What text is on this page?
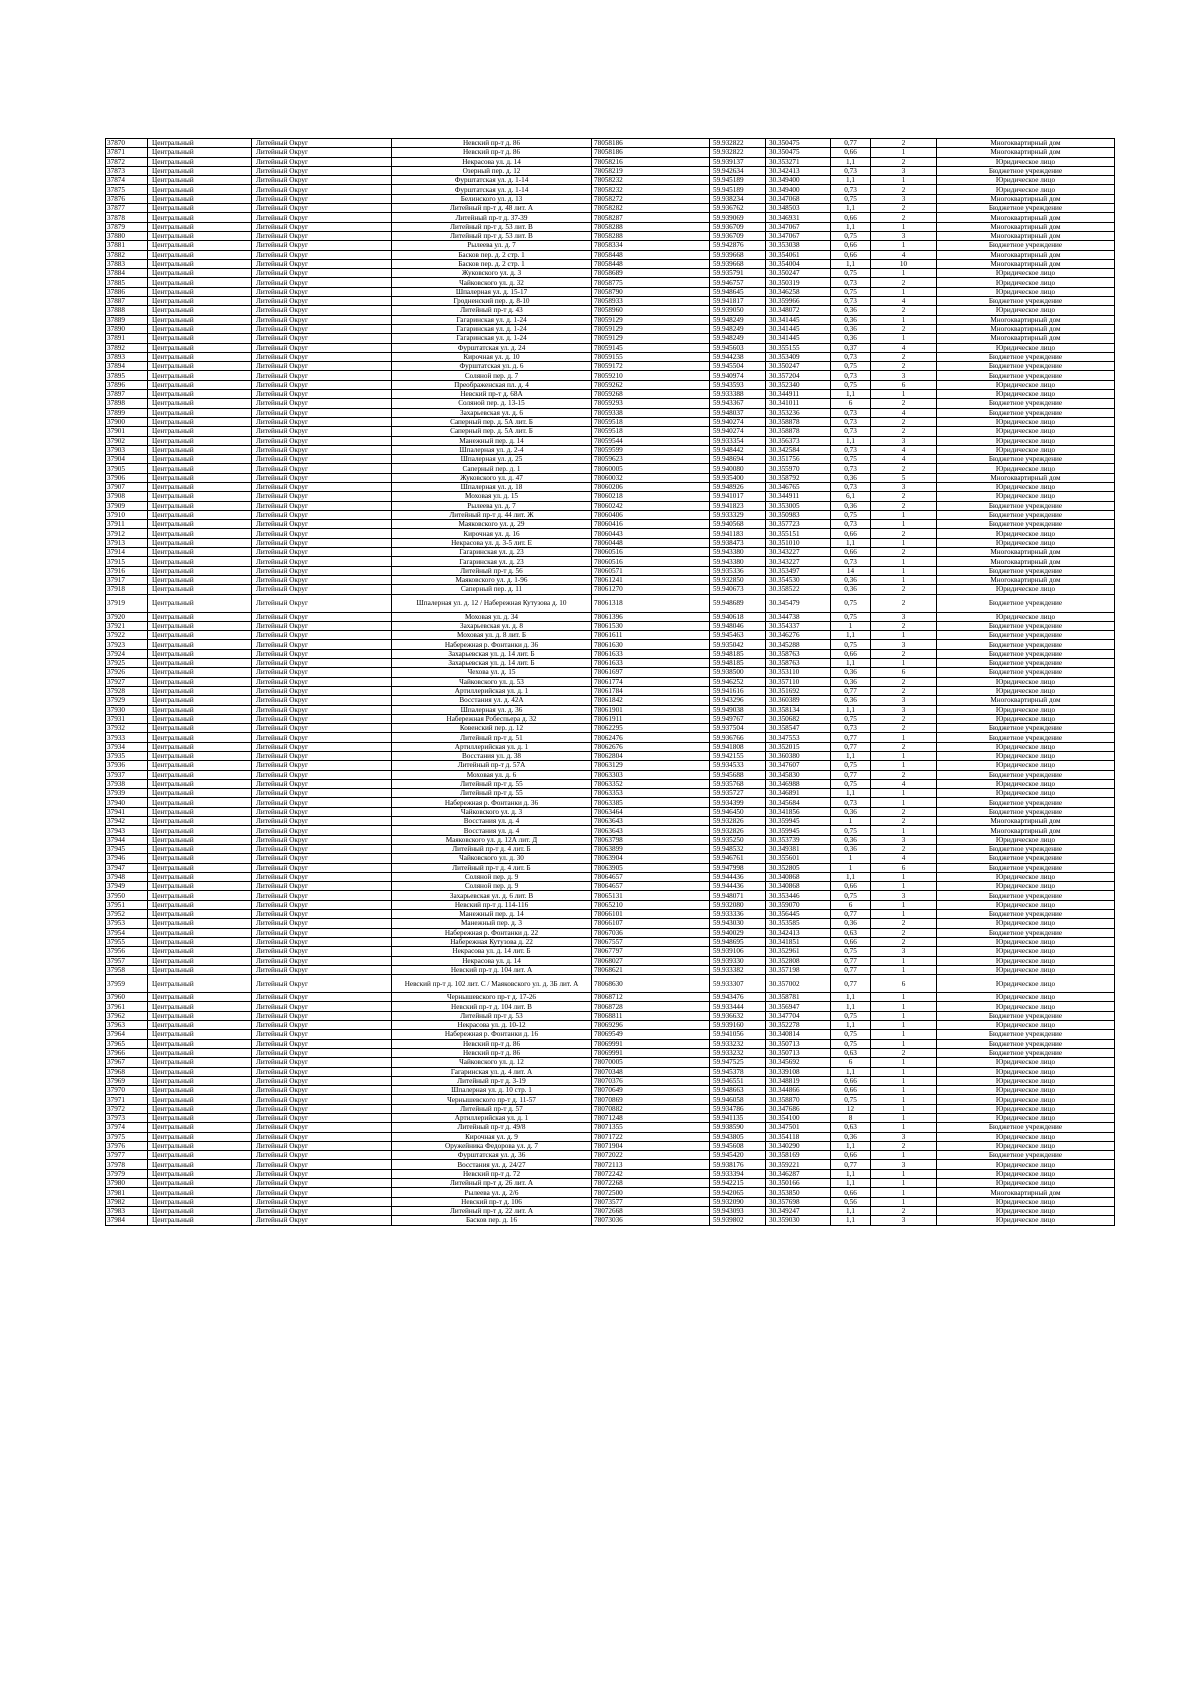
37870	Центральный	Литейный Округ	Невский пр-т д. 86	78058186	59.932822	30.350475	0,77	2	Многоквартирный дом
37871	Центральный	Литейный Округ	Невский пр-т д. 86	78058186	59.932822	30.350475	0,66	1	Многоквартирный дом
37872	Центральный	Литейный Округ	Некрасова ул. д. 14	78058216	59.939137	30.353271	1,1	2	Юридическое лицо
37873	Центральный	Литейный Округ	Озерный пер. д. 12	78058219	59.942634	30.342413	0,73	3	Бюджетное учреждение
37874	Центральный	Литейный Округ	Фурштатская ул. д. 1-14	78058232	59.945189	30.349400	1,1	1	Юридическое лицо
37875	Центральный	Литейный Округ	Фурштатская ул. д. 1-14	78058232	59.945189	30.349400	0,73	2	Юридическое лицо
37876	Центральный	Литейный Округ	Белинского ул. д. 13	78058272	59.938234	30.347068	0,75	3	Многоквартирный дом
37877	Центральный	Литейный Округ	Литейный пр-т д. 48 лит. А	78058282	59.936762	30.348503	1,1	2	Бюджетное учреждение
37878	Центральный	Литейный Округ	Литейный пр-т д. 37-39	78058287	59.939069	30.346931	0,66	2	Многоквартирный дом
37879	Центральный	Литейный Округ	Литейный пр-т д. 53 лит. В	78058288	59.936709	30.347067	1,1	1	Многоквартирный дом
37880	Центральный	Литейный Округ	Литейный пр-т д. 53 лит. В	78058288	59.936709	30.347067	0,75	3	Многоквартирный дом
37881	Центральный	Литейный Округ	Рылеева ул. д. 7	78058334	59.942876	30.353038	0,66	1	Бюджетное учреждение
37882	Центральный	Литейный Округ	Басков пер. д. 2 стр. 1	78058448	59.939668	30.354061	0,66	4	Многоквартирный дом
37883	Центральный	Литейный Округ	Басков пер. д. 2 стр. 1	78058448	59.939668	30.354004	1,1	10	Многоквартирный дом
37884	Центральный	Литейный Округ	Жуковского ул. д. 3	78058689	59.935791	30.350247	0,75	1	Юридическое лицо
37885	Центральный	Литейный Округ	Чайковского ул. д. 32	78058775	59.946757	30.350319	0,73	2	Юридическое лицо
37886	Центральный	Литейный Округ	Шпалерная ул. д. 15-17	78058790	59.948645	30.346258	0,75	1	Юридическое лицо
37887	Центральный	Литейный Округ	Гродненский пер. д. 8-10	78058933	59.941817	30.359966	0,73	4	Бюджетное учреждение
37888	Центральный	Литейный Округ	Литейный пр-т д. 43	78058960	59.939050	30.348072	0,36	2	Юридическое лицо
37889	Центральный	Литейный Округ	Гагаринская ул. д. 1-24	78059129	59.948249	30.341445	0,36	1	Многоквартирный дом
37890	Центральный	Литейный Округ	Гагаринская ул. д. 1-24	78059129	59.948249	30.341445	0,36	2	Многоквартирный дом
37891	Центральный	Литейный Округ	Гагаринская ул. д. 1-24	78059129	59.948249	30.341445	0,36	1	Многоквартирный дом
37892	Центральный	Литейный Округ	Фурштатская ул. д. 24	78059145	59.945603	30.355155	0,37	4	Юридическое лицо
37893	Центральный	Литейный Округ	Кирочная ул. д. 10	78059155	59.944238	30.353409	0,73	2	Бюджетное учреждение
37894	Центральный	Литейный Округ	Фурштатская ул. д. 6	78059172	59.945504	30.350247	0,75	2	Бюджетное учреждение
37895	Центральный	Литейный Округ	Соляной пер. д. 7	78059210	59.940974	30.357204	0,73	3	Бюджетное учреждение
37896	Центральный	Литейный Округ	Преображенская пл. д. 4	78059262	59.943593	30.352340	0,75	6	Юридическое лицо
37897	Центральный	Литейный Округ	Невский пр-т д. 68А	78059268	59.933388	30.344911	1,1	1	Юридическое лицо
37898	Центральный	Литейный Округ	Соляной пер. д. 13-15	78059293	59.943367	30.341011	6	2	Бюджетное учреждение
37899	Центральный	Литейный Округ	Захарьевская ул. д. 6	78059338	59.948037	30.353236	0,73	4	Бюджетное учреждение
37900	Центральный	Литейный Округ	Саперный пер. д. 5А лит. Б	78059518	59.940274	30.358878	0,73	2	Юридическое лицо
37901	Центральный	Литейный Округ	Саперный пер. д. 5А лит. Б	78059518	59.940274	30.358878	0,73	2	Юридическое лицо
37902	Центральный	Литейный Округ	Манежный пер. д. 14	78059544	59.933354	30.356373	1,1	3	Юридическое лицо
37903	Центральный	Литейный Округ	Шпалерная ул. д. 2-4	78059599	59.948442	30.342584	0,73	4	Юридическое лицо
37904	Центральный	Литейный Округ	Шпалерная ул. д. 25	78059623	59.948694	30.351756	0,75	4	Бюджетное учреждение
37905	Центральный	Литейный Округ	Саперный пер. д. 1	78060005	59.940080	30.355970	0,73	2	Юридическое лицо
37906	Центральный	Литейный Округ	Жуковского ул. д. 47	78060032	59.935400	30.358792	0,36	5	Многоквартирный дом
37907	Центральный	Литейный Округ	Шпалерная ул. д. 18	78060206	59.948926	30.346765	0,73	3	Юридическое лицо
37908	Центральный	Литейный Округ	Моховая ул. д. 15	78060218	59.941017	30.344911	6,1	2	Юридическое лицо
37909	Центральный	Литейный Округ	Рылеева ул. д. 7	78060242	59.941823	30.353005	0,36	2	Бюджетное учреждение
37910	Центральный	Литейный Округ	Литейный пр-т д. 44 лит. Ж	78060406	59.933329	30.350983	0,75	1	Бюджетное учреждение
37911	Центральный	Литейный Округ	Маяковского ул. д. 29	78060416	59.940568	30.357723	0,73	1	Бюджетное учреждение
37912	Центральный	Литейный Округ	Кирочная ул. д. 16	78060443	59.941183	30.355151	0,66	2	Юридическое лицо
37913	Центральный	Литейный Округ	Некрасова ул. д. 3-5 лит. Е	78060448	59.938473	30.351010	1,1	1	Юридическое лицо
37914	Центральный	Литейный Округ	Гагаринская ул. д. 23	78060516	59.943380	30.343227	0,66	2	Многоквартирный дом
37915	Центральный	Литейный Округ	Гагаринская ул. д. 23	78060516	59.943380	30.343227	0,73	1	Многоквартирный дом
37916	Центральный	Литейный Округ	Литейный пр-т д. 56	78060571	59.935336	30.353497	14	1	Бюджетное учреждение
37917	Центральный	Литейный Округ	Маяковского ул. д. 1-96	78061241	59.932850	30.354530	0,36	1	Многоквартирный дом
37918	Центральный	Литейный Округ	Саперный пер. д. 11	78061270	59.940673	30.358522	0,36	2	Юридическое лицо
37919	Центральный	Литейный Округ	Шпалерная ул. д. 12 / Набережная Кутузова д. 10	78061318	59.948689	30.345479	0,75	2	Бюджетное учреждение
37920	Центральный	Литейный Округ	Моховая ул. д. 34	78061396	59.940618	30.344738	0,75	3	Юридическое лицо
37921	Центральный	Литейный Округ	Захарьевская ул. д. 8	78061530	59.948046	30.354337	1	2	Бюджетное учреждение
37922	Центральный	Литейный Округ	Моховая ул. д. 8 лит. Б	78061611	59.945463	30.346276	1,1	1	Бюджетное учреждение
37923	Центральный	Литейный Округ	Набережная р. Фонтанки д. 36	78061630	59.935042	30.345288	0,75	3	Бюджетное учреждение
37924	Центральный	Литейный Округ	Захарьевская ул. д. 14 лит. Б	78061633	59.948185	30.358763	0,66	2	Бюджетное учреждение
37925	Центральный	Литейный Округ	Захарьевская ул. д. 14 лит. Б	78061633	59.948185	30.358763	1,1	1	Бюджетное учреждение
37926	Центральный	Литейный Округ	Чехова ул. д. 15	78061697	59.938500	30.353110	0,36	6	Бюджетное учреждение
37927	Центральный	Литейный Округ	Чайковского ул. д. 53	78061774	59.946252	30.357110	0,36	2	Юридическое лицо
37928	Центральный	Литейный Округ	Артиллерийская ул. д. 1	78061784	59.941616	30.351692	0,77	2	Юридическое лицо
37929	Центральный	Литейный Округ	Восстания ул. д. 42А	78061842	59.943296	30.360389	0,36	3	Многоквартирный дом
37930	Центральный	Литейный Округ	Шпалерная ул. д. 36	78061901	59.949038	30.358134	1,1	3	Юридическое лицо
37931	Центральный	Литейный Округ	Набережная Робеспьера д. 32	78061911	59.949767	30.350682	0,75	2	Юридическое лицо
37932	Центральный	Литейный Округ	Ковенский пер. д. 12	78062295	59.937504	30.358547	0,73	2	Бюджетное учреждение
37933	Центральный	Литейный Округ	Литейный пр-т д. 51	78062476	59.936766	30.347553	0,77	1	Бюджетное учреждение
37934	Центральный	Литейный Округ	Артиллерийская ул. д. 1	78062676	59.941808	30.352015	0,77	2	Юридическое лицо
37935	Центральный	Литейный Округ	Восстания ул. д. 38	78062804	59.942155	30.360380	1,1	1	Юридическое лицо
37936	Центральный	Литейный Округ	Литейный пр-т д. 57А	78063129	59.934533	30.347607	0,75	1	Юридическое лицо
37937	Центральный	Литейный Округ	Моховая ул. д. 6	78063303	59.945688	30.345830	0,77	2	Бюджетное учреждение
37938	Центральный	Литейный Округ	Литейный пр-т д. 55	78063352	59.935768	30.346988	0,75	4	Юридическое лицо
37939	Центральный	Литейный Округ	Литейный пр-т д. 55	78063353	59.935727	30.346891	1,1	1	Юридическое лицо
37940	Центральный	Литейный Округ	Набережная р. Фонтанки д. 36	78063385	59.934399	30.345684	0,73	1	Бюджетное учреждение
37941	Центральный	Литейный Округ	Чайковского ул. д. 3	78063464	59.946450	30.341856	0,36	2	Бюджетное учреждение
37942	Центральный	Литейный Округ	Восстания ул. д. 4	78063643	59.932826	30.359945	1	2	Многоквартирный дом
37943	Центральный	Литейный Округ	Восстания ул. д. 4	78063643	59.932826	30.359945	0,75	1	Многоквартирный дом
37944	Центральный	Литейный Округ	Маяковского ул. д. 12А лит. Д	78063798	59.935250	30.353739	0,36	3	Юридическое лицо
37945	Центральный	Литейный Округ	Литейный пр-т д. 4 лит. Б	78063899	59.948532	30.349381	0,36	2	Бюджетное учреждение
37946	Центральный	Литейный Округ	Чайковского ул. д. 30	78063904	59.946761	30.355601	1	4	Бюджетное учреждение
37947	Центральный	Литейный Округ	Литейный пр-т д. 4 лит. Б	78063905	59.947998	30.352805	1	6	Бюджетное учреждение
37948	Центральный	Литейный Округ	Соляной пер. д. 9	78064657	59.944436	30.340868	1,1	1	Юридическое лицо
37949	Центральный	Литейный Округ	Соляной пер. д. 9	78064657	59.944436	30.340868	0,66	1	Юридическое лицо
37950	Центральный	Литейный Округ	Захарьевская ул. д. 6 лит. В	78065131	59.948071	30.353446	0,75	3	Бюджетное учреждение
37951	Центральный	Литейный Округ	Невский пр-т д. 114-116	78065210	59.932080	30.359070	6	1	Юридическое лицо
37952	Центральный	Литейный Округ	Манежный пер. д. 14	78066101	59.933336	30.356445	0,77	1	Бюджетное учреждение
37953	Центральный	Литейный Округ	Манежный пер. д. 3	78066107	59.943030	30.353585	0,36	2	Юридическое лицо
37954	Центральный	Литейный Округ	Набережная р. Фонтанки д. 22	78067036	59.940029	30.342413	0,63	2	Бюджетное учреждение
37955	Центральный	Литейный Округ	Набережная Кутузова д. 22	78067557	59.948695	30.341851	0,66	2	Юридическое лицо
37956	Центральный	Литейный Округ	Некрасова ул. д. 14 лит. Б	78067797	59.939106	30.352961	0,75	3	Юридическое лицо
37957	Центральный	Литейный Округ	Некрасова ул. д. 14	78068027	59.939330	30.352808	0,77	1	Юридическое лицо
37958	Центральный	Литейный Округ	Невский пр-т д. 104 лит. А	78068621	59.933382	30.357198	0,77	1	Юридическое лицо
37959	Центральный	Литейный Округ	Невский пр-т д. 102 лит. С / Маяковского ул. д. 3Б лит. А	78068630	59.933307	30.357002	0,77	6	Юридическое лицо
37960	Центральный	Литейный Округ	Чернышевского пр-т д. 17-26	78068712	59.943476	30.358781	1,1	1	Юридическое лицо
37961	Центральный	Литейный Округ	Невский пр-т д. 104 лит. В	78068728	59.933444	30.356947	1,1	1	Юридическое лицо
37962	Центральный	Литейный Округ	Литейный пр-т д. 53	78068811	59.936632	30.347704	0,75	1	Бюджетное учреждение
37963	Центральный	Литейный Округ	Некрасова ул. д. 10-12	78069296	59.939160	30.352278	1,1	1	Юридическое лицо
37964	Центральный	Литейный Округ	Набережная р. Фонтанки д. 16	78069549	59.941056	30.340814	0,75	1	Бюджетное учреждение
37965	Центральный	Литейный Округ	Невский пр-т д. 86	78069991	59.933232	30.350713	0,75	1	Бюджетное учреждение
37966	Центральный	Литейный Округ	Невский пр-т д. 86	78069991	59.933232	30.350713	0,63	2	Бюджетное учреждение
37967	Центральный	Литейный Округ	Чайковского ул. д. 12	78070005	59.947525	30.345692	6	1	Юридическое лицо
37968	Центральный	Литейный Округ	Гагаринская ул. д. 4 лит. А	78070348	59.945378	30.339108	1,1	1	Юридическое лицо
37969	Центральный	Литейный Округ	Литейный пр-т д. 3-19	78070376	59.946551	30.348819	0,66	1	Юридическое лицо
37970	Центральный	Литейный Округ	Шпалерная ул. д. 10 стр. 1	78070649	59.948663	30.344866	0,66	1	Юридическое лицо
37971	Центральный	Литейный Округ	Чернышевского пр-т д. 11-57	78070869	59.946058	30.358870	0,75	1	Юридическое лицо
37972	Центральный	Литейный Округ	Литейный пр-т д. 57	78070882	59.934786	30.347686	12	1	Юридическое лицо
37973	Центральный	Литейный Округ	Артиллерийская ул. д. 1	78071248	59.941135	30.354100	8	1	Юридическое лицо
37974	Центральный	Литейный Округ	Литейный пр-т д. 49/8	78071355	59.938590	30.347501	0,63	1	Бюджетное учреждение
37975	Центральный	Литейный Округ	Кирочная ул. д. 9	78071722	59.943805	30.354118	0,36	3	Юридическое лицо
37976	Центральный	Литейный Округ	Оружейника Федорова ул. д. 7	78071904	59.945608	30.340290	1,1	2	Юридическое лицо
37977	Центральный	Литейный Округ	Фурштатская ул. д. 36	78072022	59.945420	30.358169	0,66	1	Бюджетное учреждение
37978	Центральный	Литейный Округ	Восстания ул. д. 24/27	78072113	59.938176	30.359221	0,77	3	Юридическое лицо
37979	Центральный	Литейный Округ	Невский пр-т д. 72	78072242	59.933394	30.346287	1,1	1	Юридическое лицо
37980	Центральный	Литейный Округ	Литейный пр-т д. 26 лит. А	78072268	59.942215	30.350166	1,1	1	Юридическое лицо
37981	Центральный	Литейный Округ	Рылеева ул. д. 2/6	78072500	59.942065	30.353850	0,66	1	Многоквартирный дом
37982	Центральный	Литейный Округ	Невский пр-т д. 106	78073577	59.932090	30.357698	0,56	1	Юридическое лицо
37983	Центральный	Литейный Округ	Литейный пр-т д. 22 лит. А	78072668	59.943093	30.349247	1,1	2	Юридическое лицо
37984	Центральный	Литейный Округ	Басков пер. д. 16	78073036	59.939802	30.359030	1,1	3	Юридическое лицо
